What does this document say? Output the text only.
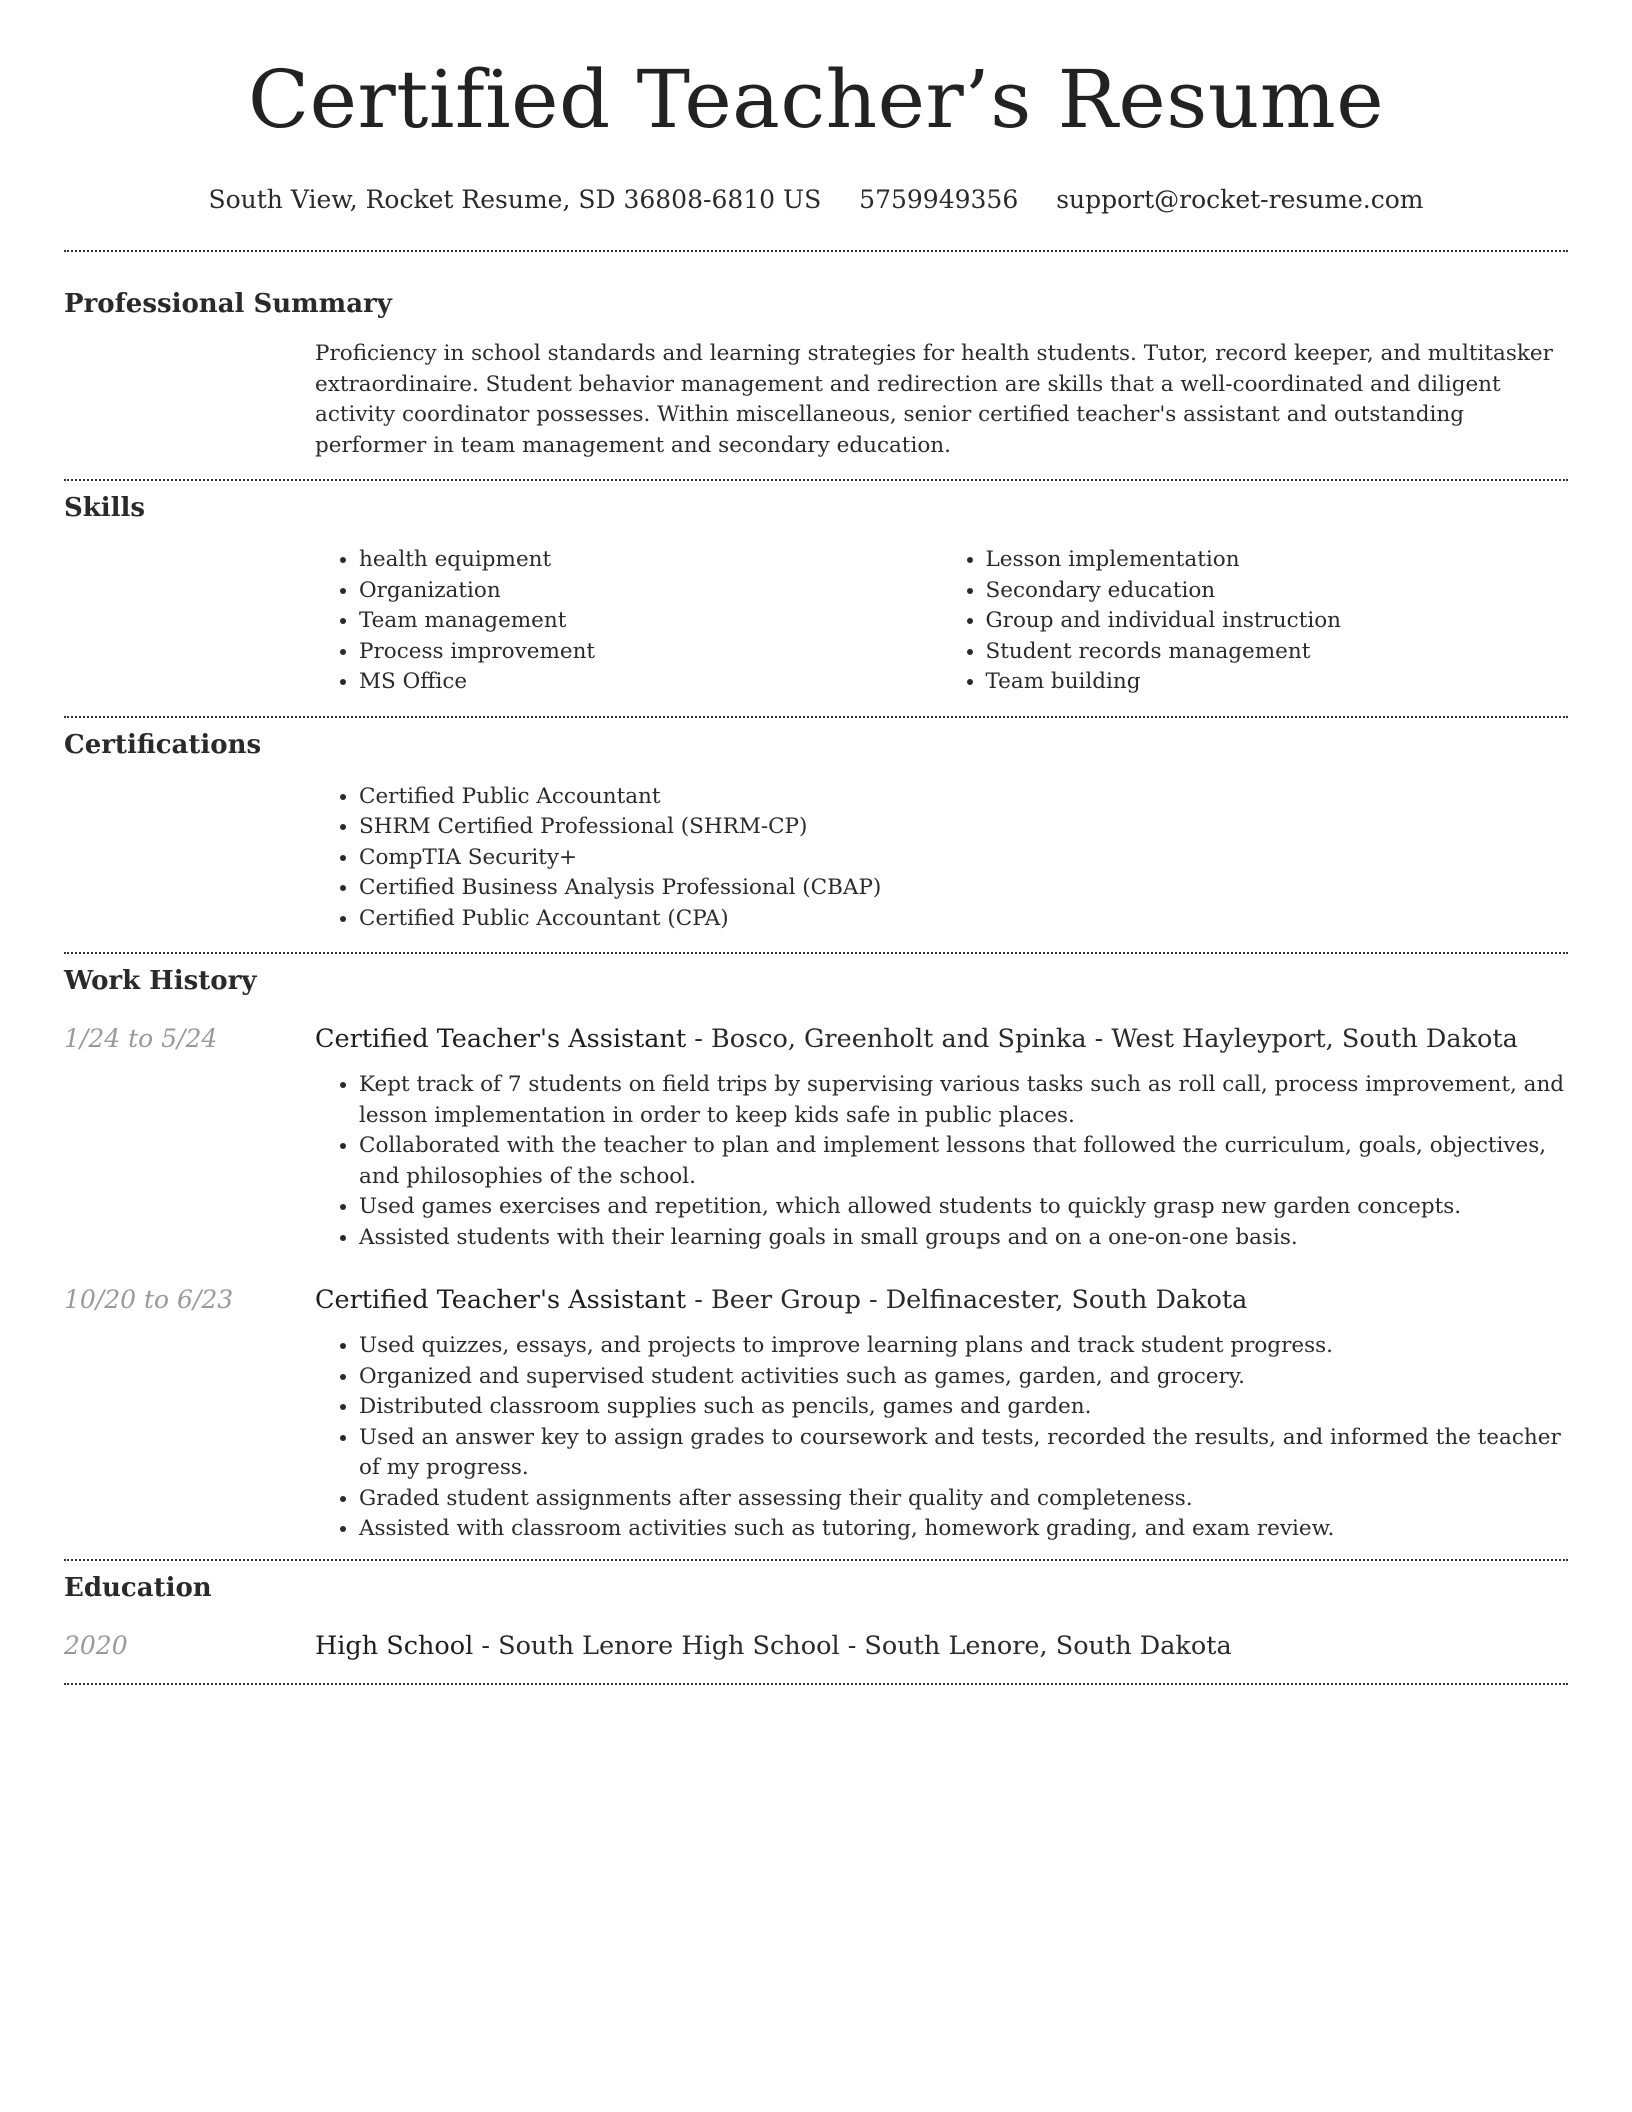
Certified Teacher’s Resume
South View, Rocket Resume, SD 36808-6810 US 5759949356 support@rocket-resume.com
Professional Summary

Proficiency in school standards and learning strategies for health students. Tutor, record keeper, and multitasker extraordinaire. Student behavior management and redirection are skills that a well-coordinated and diligent activity coordinator possesses. Within miscellaneous, senior certified teacher's assistant and outstanding performer in team management and secondary education.

Skills
• health equipment
• Organization
• Team management
• Process improvement
• MS Office
• Lesson implementation
• Secondary education
• Group and individual instruction
• Student records management
• Team building
Certifications
• Certified Public Accountant
• SHRM Certified Professional (SHRM-CP)
• CompTIA Security+
• Certified Business Analysis Professional (CBAP)
• Certified Public Accountant (CPA)
Work History
1/24 to 5/24	Certified Teacher's Assistant - Bosco, Greenholt and Spinka - West Hayleyport, South Dakota
• Kept track of 7 students on field trips by supervising various tasks such as roll call, process improvement, and lesson implementation in order to keep kids safe in public places.
• Collaborated with the teacher to plan and implement lessons that followed the curriculum, goals, objectives, and philosophies of the school.
• Used games exercises and repetition, which allowed students to quickly grasp new garden concepts.
• Assisted students with their learning goals in small groups and on a one-on-one basis.
10/20 to 6/23	Certified Teacher's Assistant - Beer Group - Delfinacester, South Dakota
• Used quizzes, essays, and projects to improve learning plans and track student progress.
• Organized and supervised student activities such as games, garden, and grocery.
• Distributed classroom supplies such as pencils, games and garden.
• Used an answer key to assign grades to coursework and tests, recorded the results, and informed the teacher of my progress.
• Graded student assignments after assessing their quality and completeness.
• Assisted with classroom activities such as tutoring, homework grading, and exam review.
Education
2020	High School - South Lenore High School - South Lenore, South Dakota
